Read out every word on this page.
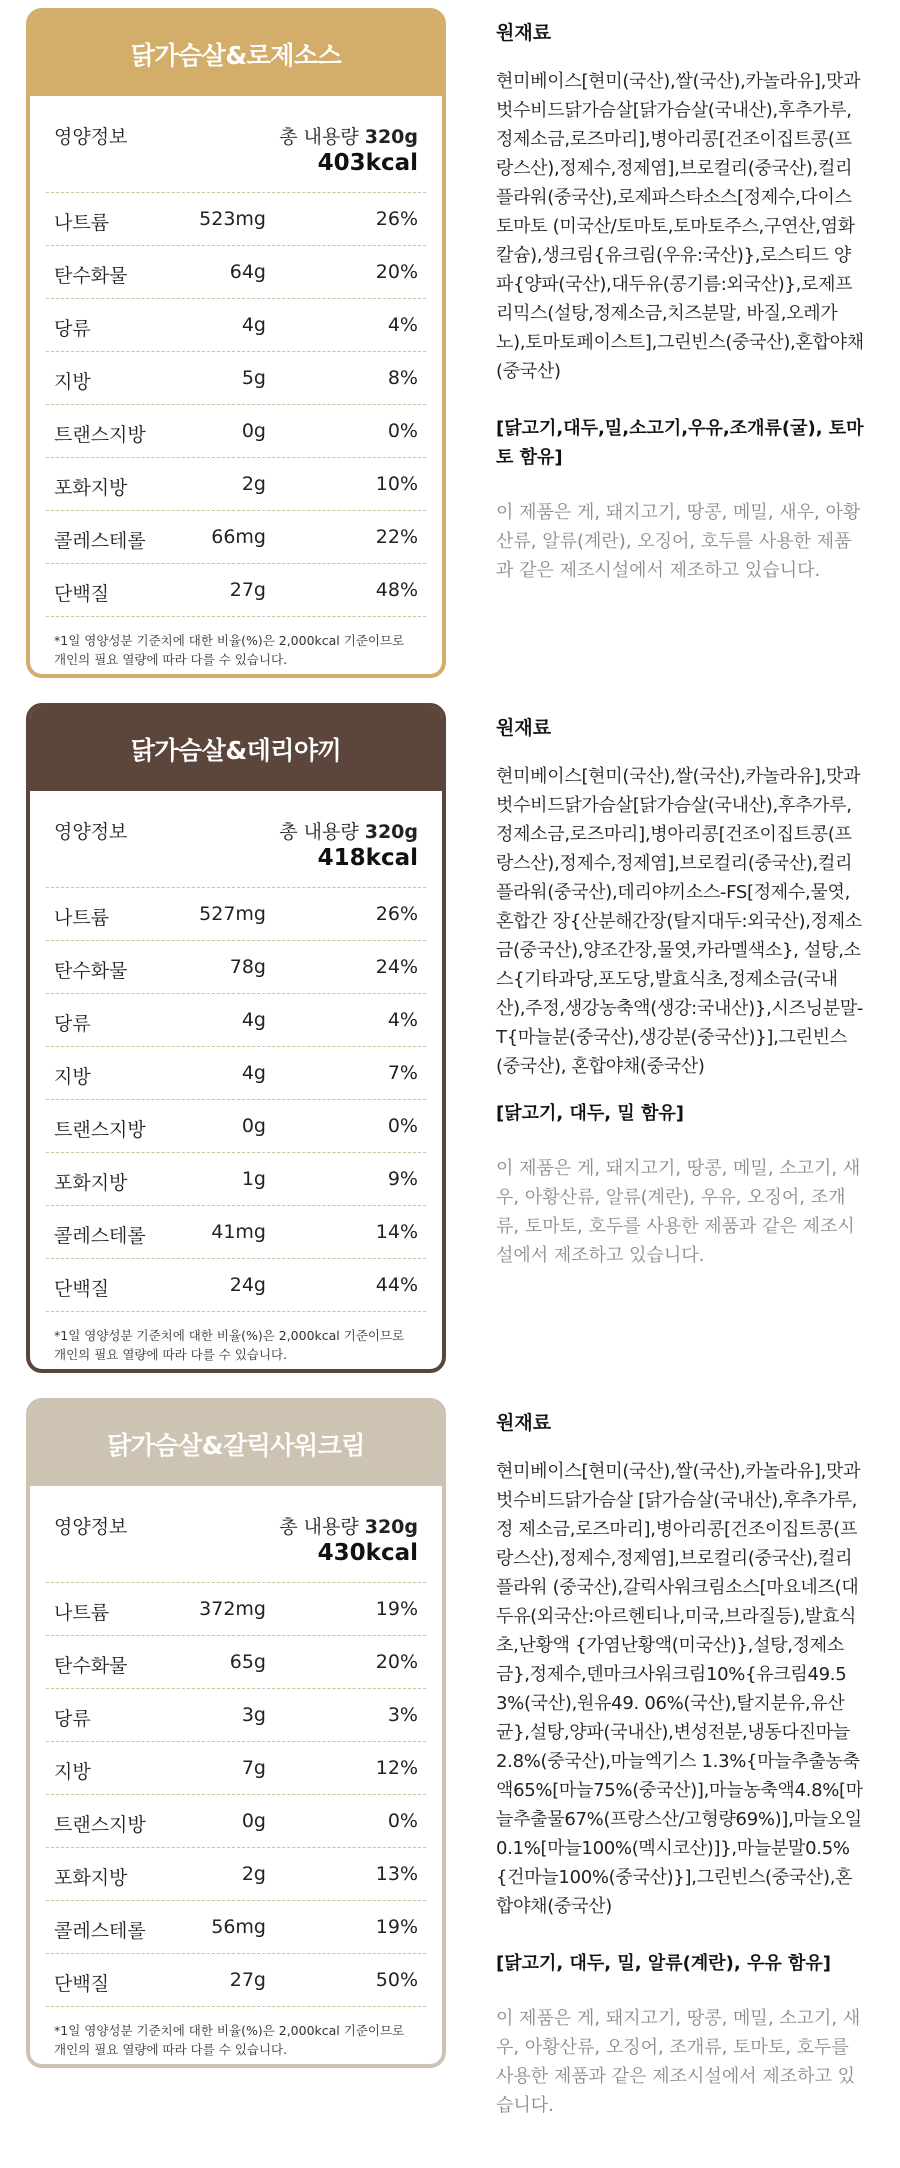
닭가슴살&로제소스
영양정보	총 내용량 320g
403kcal
나트륨	523mg	26%
탄수화물	64g	20%
당류	4g	4%
지방	5g	8%
트랜스지방	0g	0%
포화지방	2g	10%
콜레스테롤	66mg	22%
단백질	27g	48%
*1일 영양성분 기준치에 대한 비율(%)은 2,000kcal 기준이므로 개인의 필요 열량에 따라 다를 수 있습니다.
원재료
현미베이스[현미(국산),쌀(국산),카놀라유],맛과벗수비드닭가슴살[닭가슴살(국내산),후추가루,정제소금,로즈마리],병아리콩[건조이집트콩(프랑스산),정제수,정제염],브로컬리(중국산),컬리플라워(중국산),로제파스타소스[정제수,다이스토마토 (미국산/토마토,토마토주스,구연산,염화칼슘),생크림{유크림(우유:국산)},로스티드 양파{양파(국산),대두유(콩기름:외국산)},로제프리믹스(설탕,정제소금,치즈분말, 바질,오레가노),토마토페이스트],그린빈스(중국산),혼합야채(중국산)
[닭고기,대두,밀,소고기,우유,조개류(굴), 토마토 함유]
이 제품은 게, 돼지고기, 땅콩, 메밀, 새우, 아황산류, 알류(계란), 오징어, 호두를 사용한 제품과 같은 제조시설에서 제조하고 있습니다.
닭가슴살&데리야끼
영양정보	총 내용량 320g
418kcal
나트륨	527mg	26%
탄수화물	78g	24%
당류	4g	4%
지방	4g	7%
트랜스지방	0g	0%
포화지방	1g	9%
콜레스테롤	41mg	14%
단백질	24g	44%
*1일 영양성분 기준치에 대한 비율(%)은 2,000kcal 기준이므로 개인의 필요 열량에 따라 다를 수 있습니다.
원재료
현미베이스[현미(국산),쌀(국산),카놀라유],맛과벗수비드닭가슴살[닭가슴살(국내산),후추가루,정제소금,로즈마리],병아리콩[건조이집트콩(프랑스산),정제수,정제염],브로컬리(중국산),컬리플라워(중국산),데리야끼소스-FS[정제수,물엿,혼합간 장{산분해간장(탈지대두:외국산),정제소금(중국산),양조간장,물엿,카라멜색소}, 설탕,소스{기타과당,포도당,발효식초,정제소금(국내산),주정,생강농축액(생강:국내산)},시즈닝분말-T{마늘분(중국산),생강분(중국산)}],그린빈스(중국산), 혼합야채(중국산)
[닭고기, 대두, 밀 함유]
이 제품은 게, 돼지고기, 땅콩, 메밀, 소고기, 새우, 아황산류, 알류(계란), 우유, 오징어, 조개류, 토마토, 호두를 사용한 제품과 같은 제조시설에서 제조하고 있습니다.
닭가슴살&갈릭사워크림
영양정보	총 내용량 320g
430kcal
나트륨	372mg	19%
탄수화물	65g	20%
당류	3g	3%
지방	7g	12%
트랜스지방	0g	0%
포화지방	2g	13%
콜레스테롤	56mg	19%
단백질	27g	50%
*1일 영양성분 기준치에 대한 비율(%)은 2,000kcal 기준이므로 개인의 필요 열량에 따라 다를 수 있습니다.
원재료
현미베이스[현미(국산),쌀(국산),카놀라유],맛과벗수비드닭가슴살 [닭가슴살(국내산),후추가루,정 제소금,로즈마리],병아리콩[건조이집트콩(프랑스산),정제수,정제염],브로컬리(중국산),컬리플라워 (중국산),갈릭사워크림소스[마요네즈(대두유(외국산:아르헨티나,미국,브라질등),발효식초,난황액 {가염난황액(미국산)},설탕,정제소금},정제수,덴마크사워크림10%{유크림49.53%(국산),원유49. 06%(국산),탈지분유,유산균},설탕,양파(국내산),변성전분,냉동다진마늘2.8%(중국산),마늘엑기스 1.3%{마늘추출농축액65%[마늘75%(중국산)],마늘농축액4.8%[마늘추출물67%(프랑스산/고형량69%)],마늘오일0.1%[마늘100%(멕시코산)]},마늘분말0.5%{건마늘100%(중국산)}],그린빈스(중국산),혼합야채(중국산)
[닭고기, 대두, 밀, 알류(계란), 우유 함유]
이 제품은 게, 돼지고기, 땅콩, 메밀, 소고기, 새우, 아황산류, 오징어, 조개류, 토마토, 호두를 사용한 제품과 같은 제조시설에서 제조하고 있습니다.
